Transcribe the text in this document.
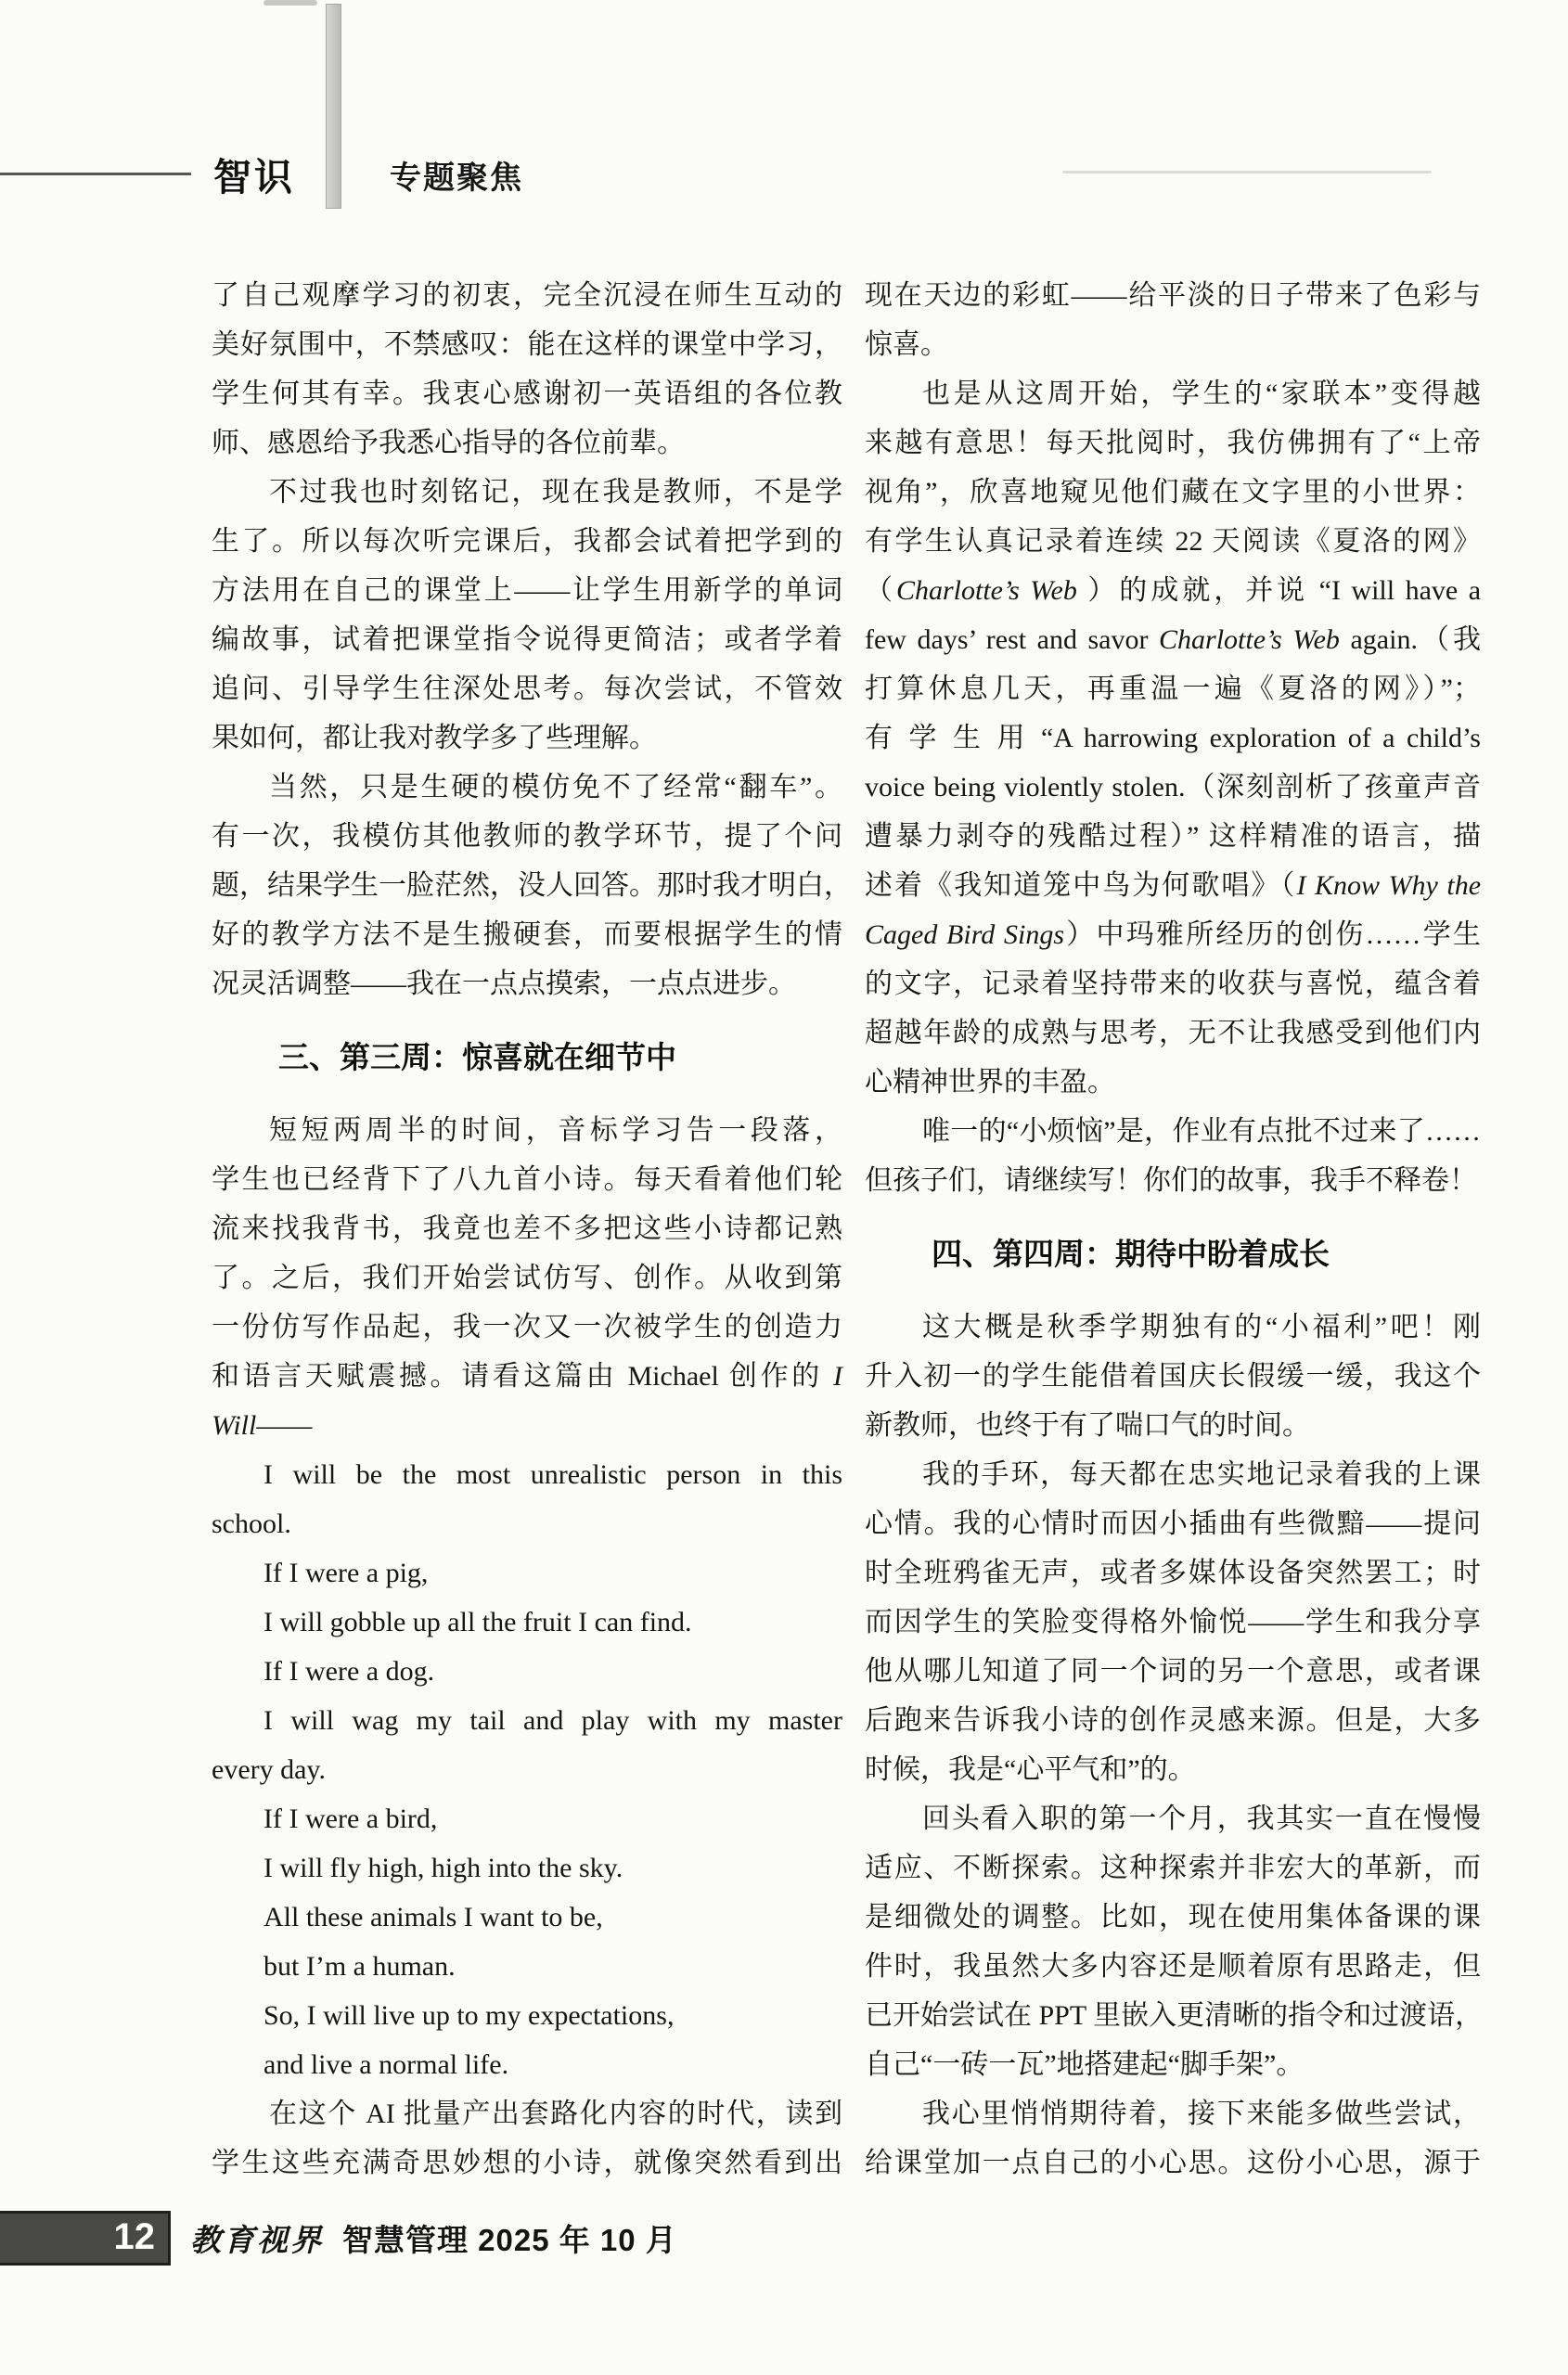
智识	专题聚焦
了自己观摩学习的初衷，完全沉浸在师生互动的
美好氛围中，不禁感叹：能在这样的课堂中学习，
学生何其有幸。我衷心感谢初一英语组的各位教
师、感恩给予我悉心指导的各位前辈。
不过我也时刻铭记，现在我是教师，不是学
生了。所以每次听完课后，我都会试着把学到的
方法用在自己的课堂上——让学生用新学的单词
编故事，试着把课堂指令说得更简洁；或者学着
追问、引导学生往深处思考。每次尝试，不管效
果如何，都让我对教学多了些理解。
当然，只是生硬的模仿免不了经常“翻车”。
有一次，我模仿其他教师的教学环节，提了个问
题，结果学生一脸茫然，没人回答。那时我才明白，
好的教学方法不是生搬硬套，而要根据学生的情
况灵活调整——我在一点点摸索，一点点进步。
三、第三周：惊喜就在细节中
短短两周半的时间，音标学习告一段落，
学生也已经背下了八九首小诗。每天看着他们轮
流来找我背书，我竟也差不多把这些小诗都记熟
了。之后，我们开始尝试仿写、创作。从收到第
一份仿写作品起，我一次又一次被学生的创造力
和语言天赋震撼。请看这篇由 Michael 创作的 I
Will——
I will be the most unrealistic person in this
school.
If I were a pig,
I will gobble up all the fruit I can find.
If I were a dog.
I will wag my tail and play with my master
every day.
If I were a bird,
I will fly high, high into the sky.
All these animals I want to be,
but I’m a human.
So, I will live up to my expectations,
and live a normal life.
在这个 AI 批量产出套路化内容的时代，读到
学生这些充满奇思妙想的小诗，就像突然看到出
现在天边的彩虹——给平淡的日子带来了色彩与
惊喜。
也是从这周开始，学生的“家联本”变得越
来越有意思！每天批阅时，我仿佛拥有了“上帝
视角”，欣喜地窥见他们藏在文字里的小世界：
有学生认真记录着连续 22 天阅读《夏洛的网》
（Charlotte’s Web ）的成就，并说 “I will have a
few days’ rest and savor Charlotte’s Web again.（我
打算休息几天，再重温一遍《夏洛的网》）”；
有 学 生 用 “A harrowing exploration of a child’s
voice being violently stolen.（深刻剖析了孩童声音
遭暴力剥夺的残酷过程）” 这样精准的语言，描
述着《我知道笼中鸟为何歌唱》（I Know Why the
Caged Bird Sings）中玛雅所经历的创伤……学生
的文字，记录着坚持带来的收获与喜悦，蕴含着
超越年龄的成熟与思考，无不让我感受到他们内
心精神世界的丰盈。
唯一的“小烦恼”是，作业有点批不过来了……
但孩子们，请继续写！你们的故事，我手不释卷！
四、第四周：期待中盼着成长
这大概是秋季学期独有的“小福利”吧！刚
升入初一的学生能借着国庆长假缓一缓，我这个
新教师，也终于有了喘口气的时间。
我的手环，每天都在忠实地记录着我的上课
心情。我的心情时而因小插曲有些微黯——提问
时全班鸦雀无声，或者多媒体设备突然罢工；时
而因学生的笑脸变得格外愉悦——学生和我分享
他从哪儿知道了同一个词的另一个意思，或者课
后跑来告诉我小诗的创作灵感来源。但是，大多
时候，我是“心平气和”的。
回头看入职的第一个月，我其实一直在慢慢
适应、不断探索。这种探索并非宏大的革新，而
是细微处的调整。比如，现在使用集体备课的课
件时，我虽然大多内容还是顺着原有思路走，但
已开始尝试在 PPT 里嵌入更清晰的指令和过渡语，
自己“一砖一瓦”地搭建起“脚手架”。
我心里悄悄期待着，接下来能多做些尝试，
给课堂加一点自己的小心思。这份小心思，源于
12	教育视界 智慧管理 2025 年 10 月
